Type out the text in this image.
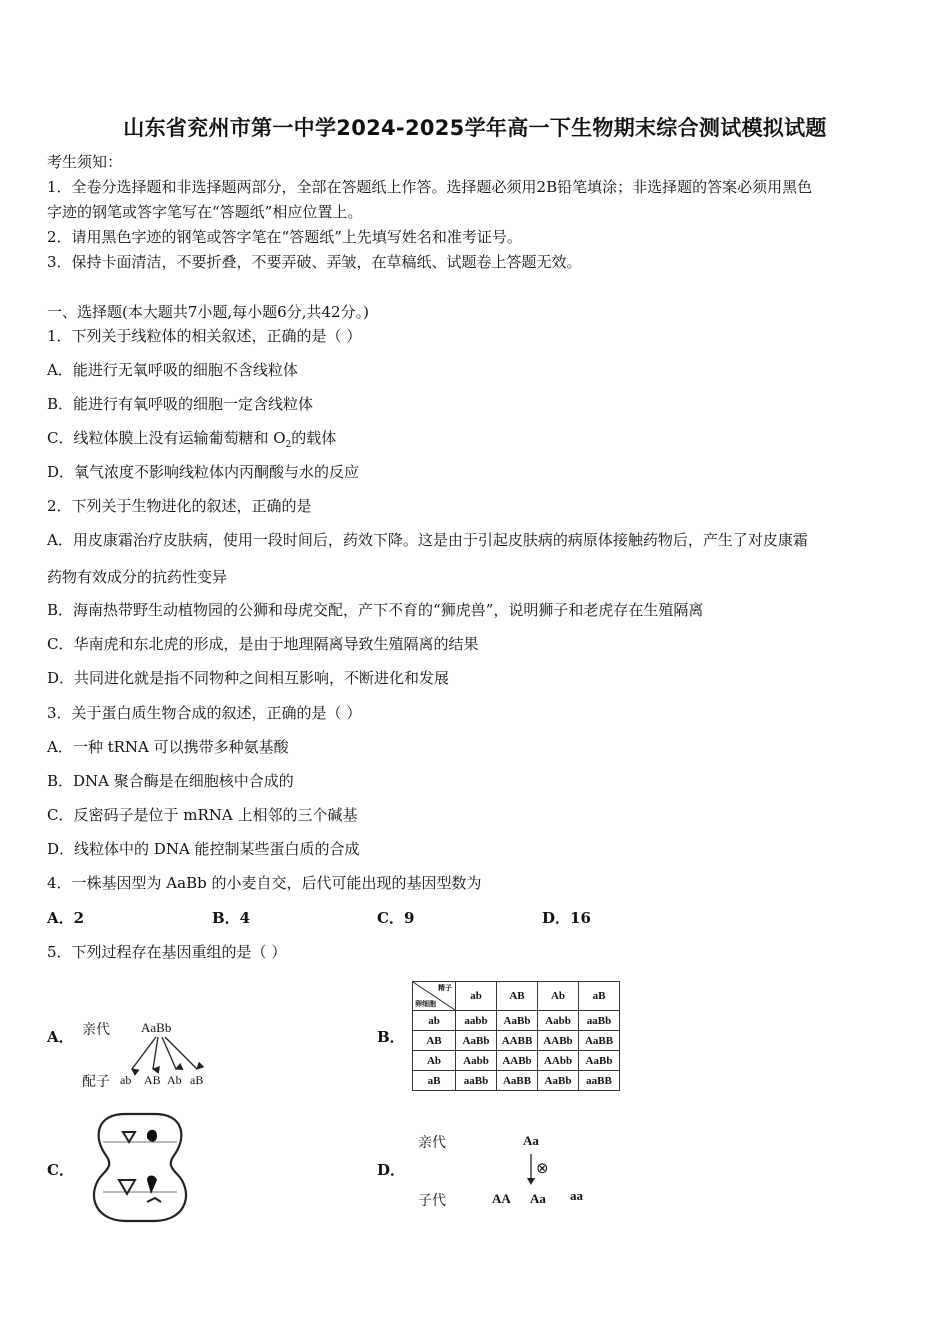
山东省兖州市第一中学2024-2025学年高一下生物期末综合测试模拟试题
考生须知：
1．全卷分选择题和非选择题两部分，全部在答题纸上作答。选择题必须用2B铅笔填涂；非选择题的答案必须用黑色
字迹的钢笔或答字笔写在“答题纸”相应位置上。
2．请用黑色字迹的钢笔或答字笔在“答题纸”上先填写姓名和准考证号。
3．保持卡面清洁，不要折叠，不要弄破、弄皱，在草稿纸、试题卷上答题无效。
一、选择题(本大题共7小题,每小题6分,共42分。)
1．下列关于线粒体的相关叙述，正确的是（ ）
A．能进行无氧呼吸的细胞不含线粒体
B．能进行有氧呼吸的细胞一定含线粒体
C．线粒体膜上没有运输葡萄糖和 $O_2$的载体
D．氧气浓度不影响线粒体内丙酮酸与水的反应
2．下列关于生物进化的叙述，正确的是
A．用皮康霜治疗皮肤病，使用一段时间后，药效下降。这是由于引起皮肤病的病原体接触药物后，产生了对皮康霜
药物有效成分的抗药性变异
B．海南热带野生动植物园的公狮和母虎交配，产下不育的“狮虎兽”，说明狮子和老虎存在生殖隔离
C．华南虎和东北虎的形成，是由于地理隔离导致生殖隔离的结果
D．共同进化就是指不同物种之间相互影响，不断进化和发展
3．关于蛋白质生物合成的叙述，正确的是（ ）
A．一种 tRNA 可以携带多种氨基酸
B．DNA 聚合酶是在细胞核中合成的
C．反密码子是位于 mRNA 上相邻的三个碱基
D．线粒体中的 DNA 能控制某些蛋白质的合成
4．一株基因型为 AaBb 的小麦自交，后代可能出现的基因型数为
A．2	B．4	C．9	D．16
5．下列过程存在基因重组的是（ ）
A．	B．
C．	D．
亲代 AaBb
配子 ab AB Ab aB
精子
卵细胞	ab	AB	Ab	aB
ab	aabb	AaBb	Aabb	aaBb
AB	AaBb	AABB	AABb	AaBB
Ab	Aabb	AABb	AAbb	AaBb
aB	aaBb	AaBB	AaBb	aaBB
亲代	Aa
⊗
子代	AA Aa aa
